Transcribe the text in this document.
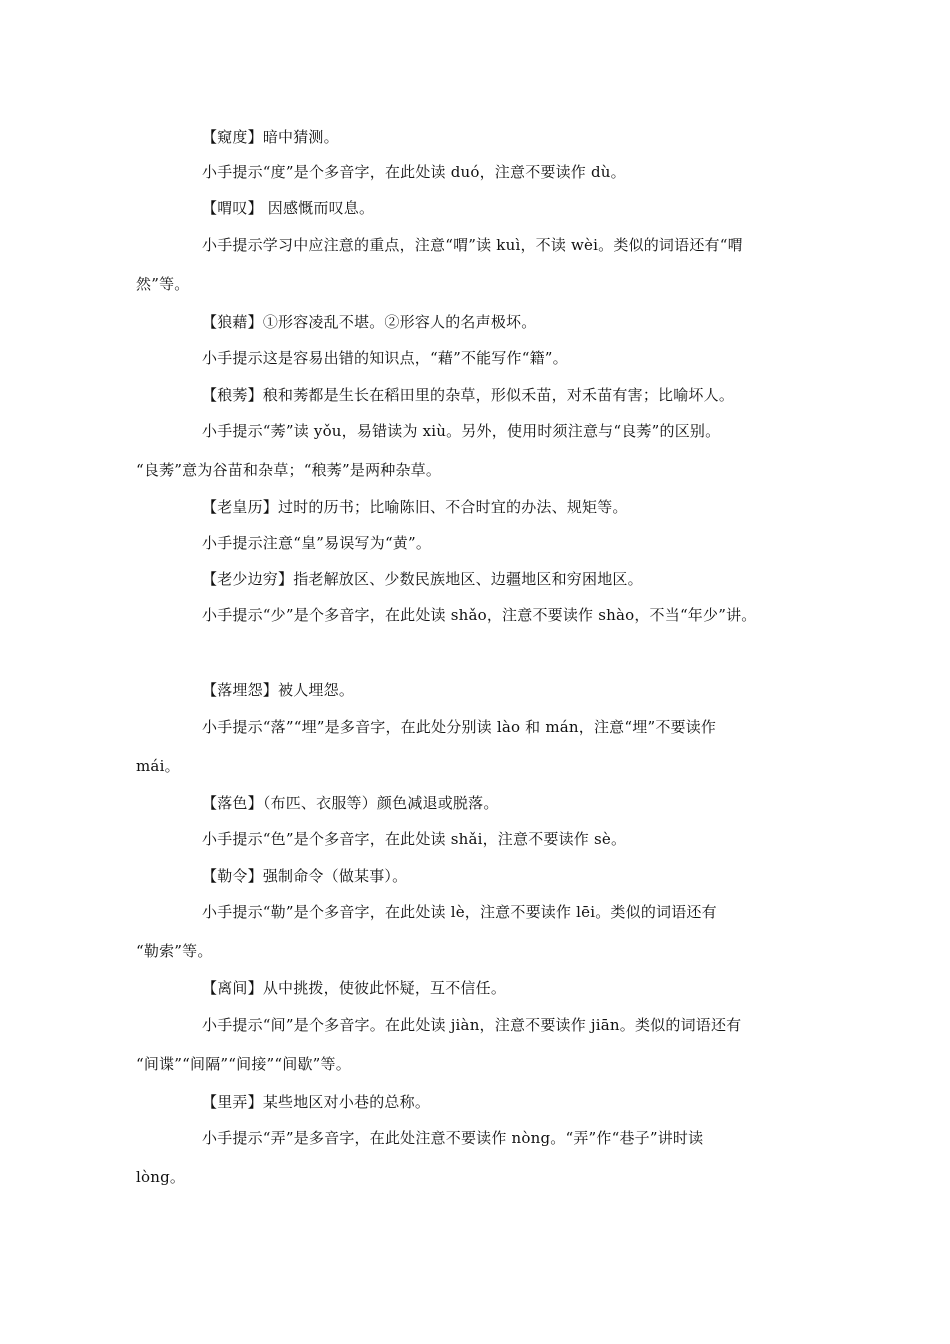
【窥度】暗中猜测。
小手提示“度”是个多音字，在此处读 duó，注意不要读作 dù。
【喟叹】 因感慨而叹息。
小手提示学习中应注意的重点，注意“喟”读 kuì，不读 wèi。类似的词语还有“喟
然”等。
【狼藉】①形容凌乱不堪。②形容人的名声极坏。
小手提示这是容易出错的知识点，“藉”不能写作“籍”。
【稂莠】稂和莠都是生长在稻田里的杂草，形似禾苗，对禾苗有害；比喻坏人。
小手提示“莠”读 yǒu，易错读为 xiù。另外，使用时须注意与“良莠”的区别。
“良莠”意为谷苗和杂草；“稂莠”是两种杂草。
【老皇历】过时的历书；比喻陈旧、不合时宜的办法、规矩等。
小手提示注意“皇”易误写为“黄”。
【老少边穷】指老解放区、少数民族地区、边疆地区和穷困地区。
小手提示“少”是个多音字，在此处读 shǎo，注意不要读作 shào，不当“年少”讲。
【落埋怨】被人埋怨。
小手提示“落”“埋”是多音字，在此处分别读 lào 和 mán，注意“埋”不要读作
mái。
【落色】（布匹、衣服等）颜色减退或脱落。
小手提示“色”是个多音字，在此处读 shǎi，注意不要读作 sè。
【勒令】强制命令（做某事）。
小手提示“勒”是个多音字，在此处读 lè，注意不要读作 lēi。类似的词语还有
“勒索”等。
【离间】从中挑拨，使彼此怀疑，互不信任。
小手提示“间”是个多音字。在此处读 jiàn，注意不要读作 jiān。类似的词语还有
“间谍”“间隔”“间接”“间歇”等。
【里弄】某些地区对小巷的总称。
小手提示“弄”是多音字，在此处注意不要读作 nòng。“弄”作“巷子”讲时读
lòng。
